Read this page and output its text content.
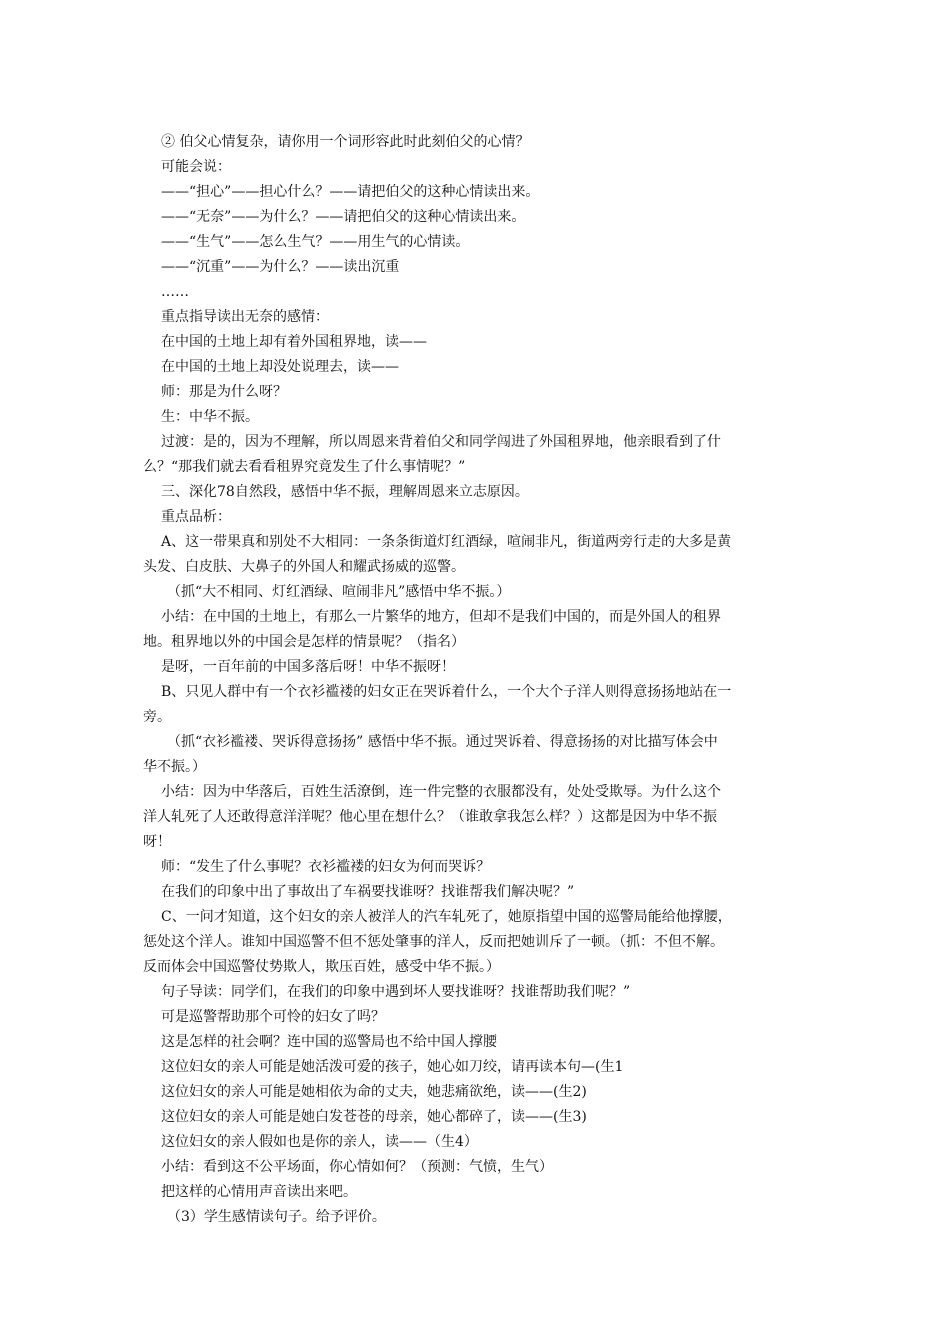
② 伯父心情复杂，请你用一个词形容此时此刻伯父的心情？

可能会说：

——“担心”——担心什么？——请把伯父的这种心情读出来。

——“无奈”——为什么？——请把伯父的这种心情读出来。

——“生气”——怎么生气？——用生气的心情读。

——“沉重”——为什么？——读出沉重

……

重点指导读出无奈的感情：

在中国的土地上却有着外国租界地，读——

在中国的土地上却没处说理去，读——

师：那是为什么呀？

生：中华不振。

过渡：是的，因为不理解，所以周恩来背着伯父和同学闯进了外国租界地，他亲眼看到了什

么？“那我们就去看看租界究竟发生了什么事情呢？”

三、深化78自然段，感悟中华不振，理解周恩来立志原因。

重点品析：

A、这一带果真和别处不大相同：一条条街道灯红酒绿，喧闹非凡，街道两旁行走的大多是黄

头发、白皮肤、大鼻子的外国人和耀武扬威的巡警。

（抓“大不相同、灯红酒绿、喧闹非凡”感悟中华不振。）

小结：在中国的土地上，有那么一片繁华的地方，但却不是我们中国的，而是外国人的租界

地。租界地以外的中国会是怎样的情景呢？（指名）

是呀，一百年前的中国多落后呀！中华不振呀！

B、只见人群中有一个衣衫褴褛的妇女正在哭诉着什么，一个大个子洋人则得意扬扬地站在一

旁。

（抓“衣衫褴褛、哭诉得意扬扬” 感悟中华不振。通过哭诉着、得意扬扬的对比描写体会中

华不振。）

小结：因为中华落后，百姓生活潦倒，连一件完整的衣服都没有，处处受欺辱。为什么这个

洋人轧死了人还敢得意洋洋呢？他心里在想什么？（谁敢拿我怎么样？）这都是因为中华不振

呀！

师：“发生了什么事呢？衣衫褴褛的妇女为何而哭诉？

在我们的印象中出了事故出了车祸要找谁呀？找谁帮我们解决呢？”

C、一问才知道，这个妇女的亲人被洋人的汽车轧死了，她原指望中国的巡警局能给他撑腰，

惩处这个洋人。谁知中国巡警不但不惩处肇事的洋人，反而把她训斥了一顿。（抓：不但不解。

反而体会中国巡警仗势欺人，欺压百姓，感受中华不振。）

句子导读：同学们，在我们的印象中遇到坏人要找谁呀？找谁帮助我们呢？”

可是巡警帮助那个可怜的妇女了吗？

这是怎样的社会啊？连中国的巡警局也不给中国人撑腰

这位妇女的亲人可能是她活泼可爱的孩子，她心如刀绞，请再读本句—(生1

这位妇女的亲人可能是她相依为命的丈夫，她悲痛欲绝，读——(生2)

这位妇女的亲人可能是她白发苍苍的母亲，她心都碎了，读——(生3)

这位妇女的亲人假如也是你的亲人，读——（生4）

小结：看到这不公平场面，你心情如何？（预测：气愤，生气）

把这样的心情用声音读出来吧。

（3）学生感情读句子。给予评价。
